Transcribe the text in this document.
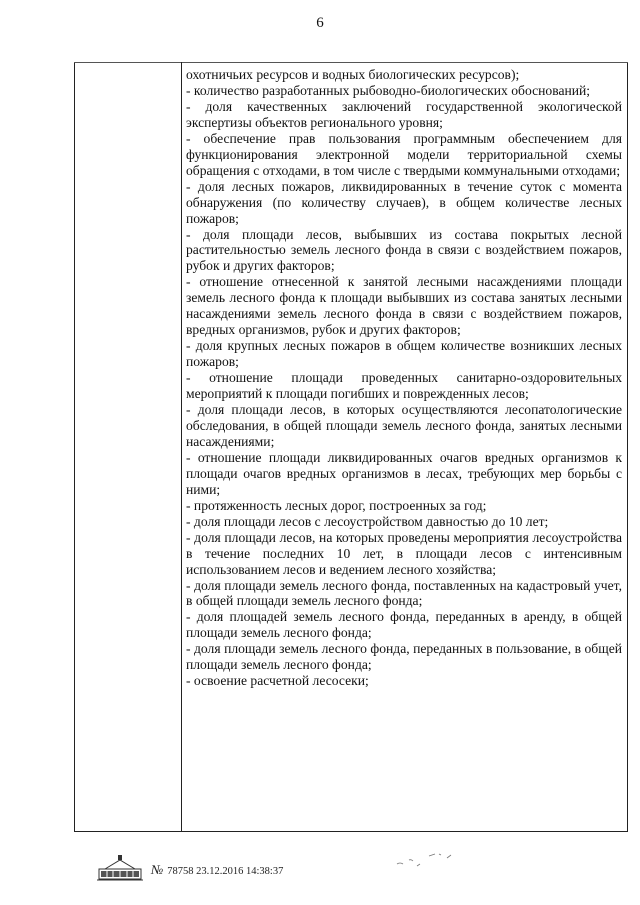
6

охотничьих ресурсов и водных биологических ресурсов);

- количество разработанных рыбоводно-биологических обоснований;

- доля качественных заключений государственной экологической экспертизы объектов регионального уровня;

- обеспечение прав пользования программным обеспечением для функционирования электронной модели территориальной схемы обращения с отходами, в том числе с твердыми коммунальными отходами;

- доля лесных пожаров, ликвидированных в течение суток с момента обнаружения (по количеству случаев), в общем количестве лесных пожаров;

- доля площади лесов, выбывших из состава покрытых лесной растительностью земель лесного фонда в связи с воздействием пожаров, рубок и других факторов;

- отношение отнесенной к занятой лесными насаждениями площади земель лесного фонда к площади выбывших из состава занятых лесными насаждениями земель лесного фонда в связи с воздействием пожаров, вредных организмов, рубок и других факторов;

- доля крупных лесных пожаров в общем количестве возникших лесных пожаров;

- отношение площади проведенных санитарно-оздоровительных мероприятий к площади погибших и поврежденных лесов;

- доля площади лесов, в которых осуществляются лесопатологические обследования, в общей площади земель лесного фонда, занятых лесными насаждениями;

- отношение площади ликвидированных очагов вредных организмов к площади очагов вредных организмов в лесах, требующих мер борьбы с ними;

- протяженность лесных дорог, построенных за год;

- доля площади лесов с лесоустройством давностью до 10 лет;

- доля площади лесов, на которых проведены мероприятия лесоустройства в течение последних 10 лет, в площади лесов с интенсивным использованием лесов и ведением лесного хозяйства;

- доля площади земель лесного фонда, поставленных на кадастровый учет, в общей площади земель лесного фонда;

- доля площадей земель лесного фонда, переданных в аренду, в общей площади земель лесного фонда;

- доля площади земель лесного фонда, переданных в пользование, в общей площади земель лесного фонда;

- освоение расчетной лесосеки;

№ 78758 23.12.2016 14:38:37
